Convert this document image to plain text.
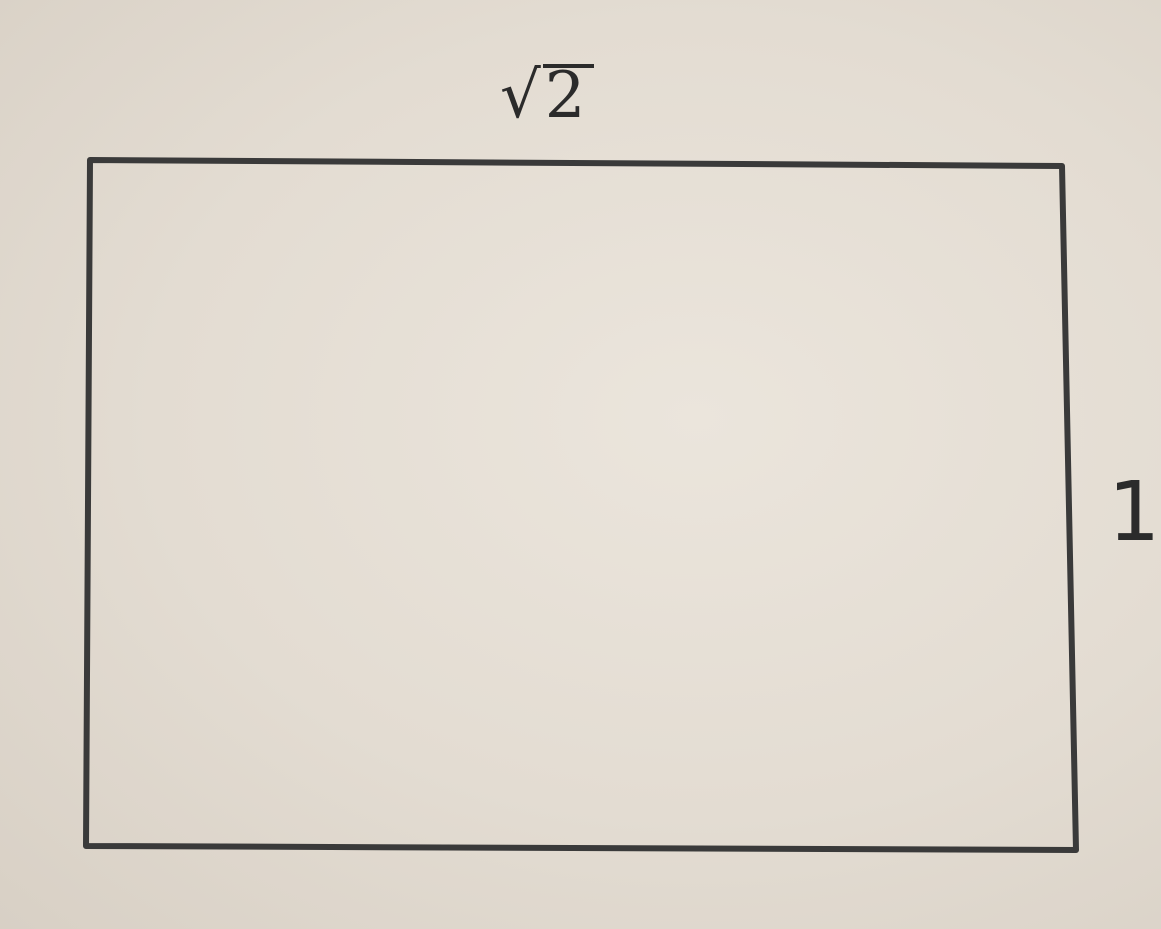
√2
1
